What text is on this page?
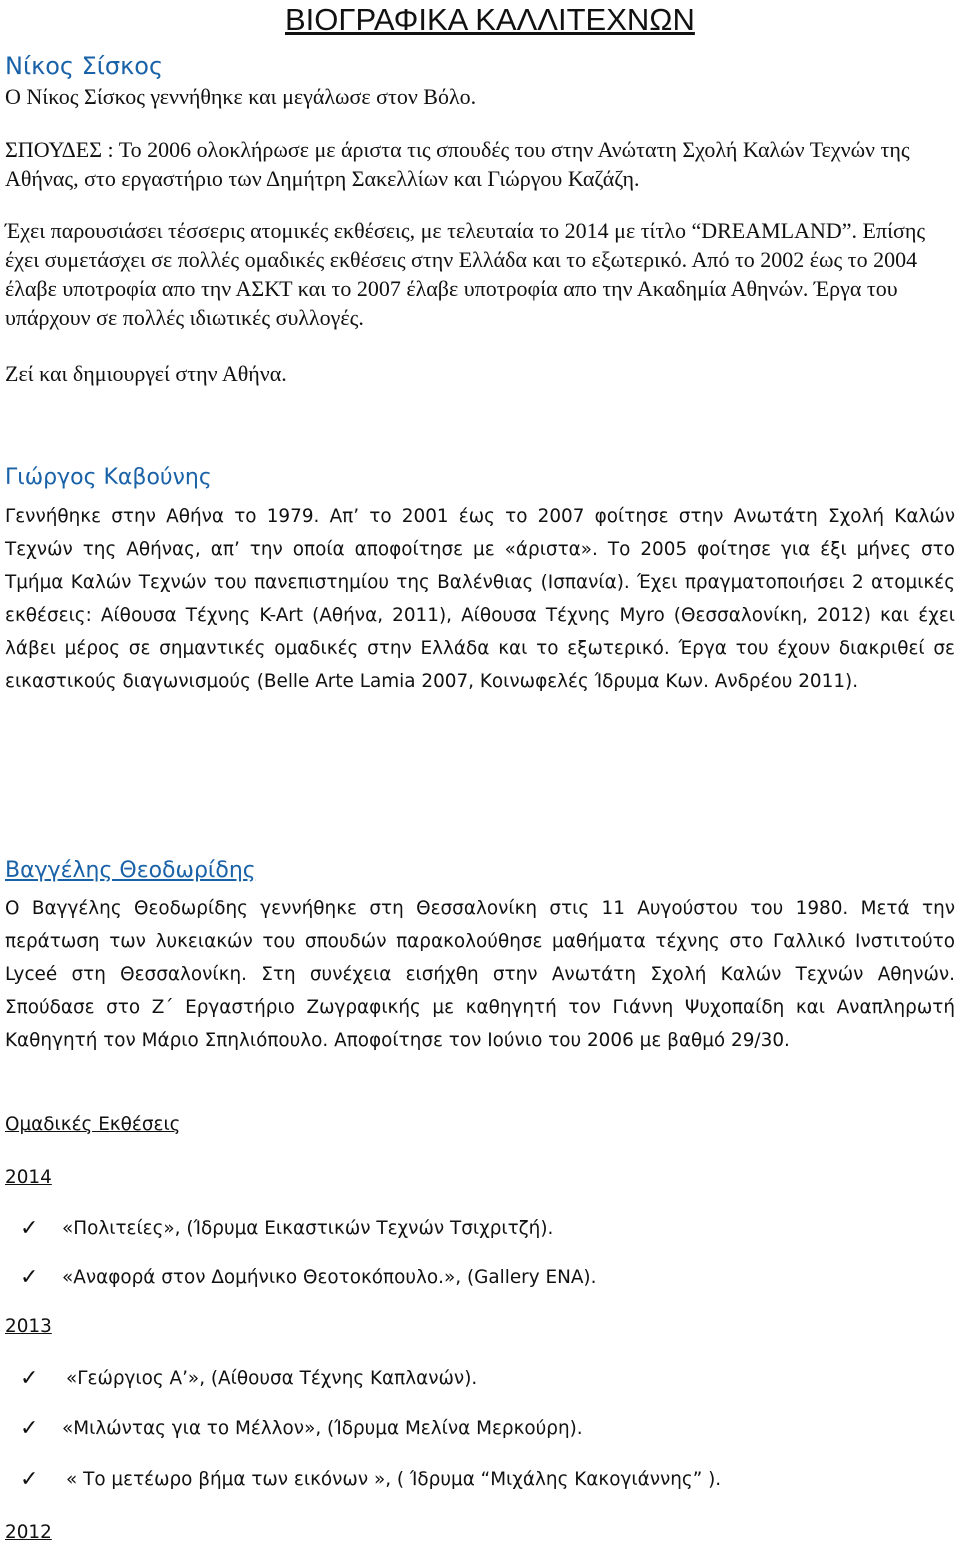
ΒΙΟΓΡΑΦΙΚΑ ΚΑΛΛΙΤΕΧΝΩΝ
Νίκος Σίσκος

Ο Νίκος Σίσκος γεννήθηκε και μεγάλωσε στον Βόλο.

ΣΠΟΥΔΕΣ : Το 2006 ολοκλήρωσε με άριστα τις σπουδές του στην Ανώτατη Σχολή Καλών Τεχνών της Αθήνας, στο εργαστήριο των Δημήτρη Σακελλίων και Γιώργου Καζάζη.

Έχει παρουσιάσει τέσσερις ατομικές εκθέσεις, με τελευταία το 2014 με τίτλο “DREAMLAND”. Επίσης έχει συμετάσχει σε πολλές ομαδικές εκθέσεις στην Ελλάδα και το εξωτερικό. Από το 2002 έως το 2004 έλαβε υποτροφία απο την ΑΣΚΤ και το 2007 έλαβε υποτροφία απο την Ακαδημία Αθηνών. Έργα του υπάρχουν σε πολλές ιδιωτικές συλλογές.

Ζεί και δημιουργεί στην Αθήνα.

Γιώργος Καβούνης

Γεννήθηκε στην Αθήνα το 1979. Απ’ το 2001 έως το 2007 φοίτησε στην Ανωτάτη Σχολή Καλών Τεχνών της Αθήνας, απ’ την οποία αποφοίτησε με «άριστα». Το 2005 φοίτησε για έξι μήνες στο Τμήμα Καλών Τεχνών του πανεπιστημίου της Βαλένθιας (Ισπανία). Έχει πραγματοποιήσει 2 ατομικές εκθέσεις: Αίθουσα Τέχνης K-Art (Αθήνα, 2011), Αίθουσα Τέχνης Myro (Θεσσαλονίκη, 2012) και έχει λάβει μέρος σε σημαντικές ομαδικές στην Ελλάδα και το εξωτερικό. Έργα του έχουν διακριθεί σε εικαστικούς διαγωνισμούς (Belle Arte Lamia 2007, Κοινωφελές Ίδρυμα Κων. Ανδρέου 2011).

Βαγγέλης Θεοδωρίδης

Ο Βαγγέλης Θεοδωρίδης γεννήθηκε στη Θεσσαλονίκη στις 11 Αυγούστου του 1980. Μετά την περάτωση των λυκειακών του σπουδών παρακολούθησε μαθήματα τέχνης στο Γαλλικό Ινστιτούτο Lyceé στη Θεσσαλονίκη. Στη συνέχεια εισήχθη στην Ανωτάτη Σχολή Καλών Τεχνών Αθηνών. Σπούδασε στο Ζ΄ Εργαστήριο Ζωγραφικής με καθηγητή τον Γιάννη Ψυχοπαίδη και Αναπληρωτή Καθηγητή τον Μάριο Σπηλιόπουλο. Αποφοίτησε τον Ιούνιο του 2006 με βαθμό 29/30.

Ομαδικές Εκθέσεις
2014
✓ «Πολιτείες», (Ίδρυμα Εικαστικών Τεχνών Τσιχριτζή).
✓ «Αναφορά στον Δομήνικο Θεοτοκόπουλο.», (Gallery ENA).
2013
✓ «Γεώργιος Α’», (Αίθουσα Τέχνης Καπλανών).
✓ «Μιλώντας για το Μέλλον», (Ίδρυμα Μελίνα Μερκούρη).
✓ « Το μετέωρο βήμα των εικόνων », ( Ίδρυμα “Μιχάλης Κακογιάννης” ).
2012
